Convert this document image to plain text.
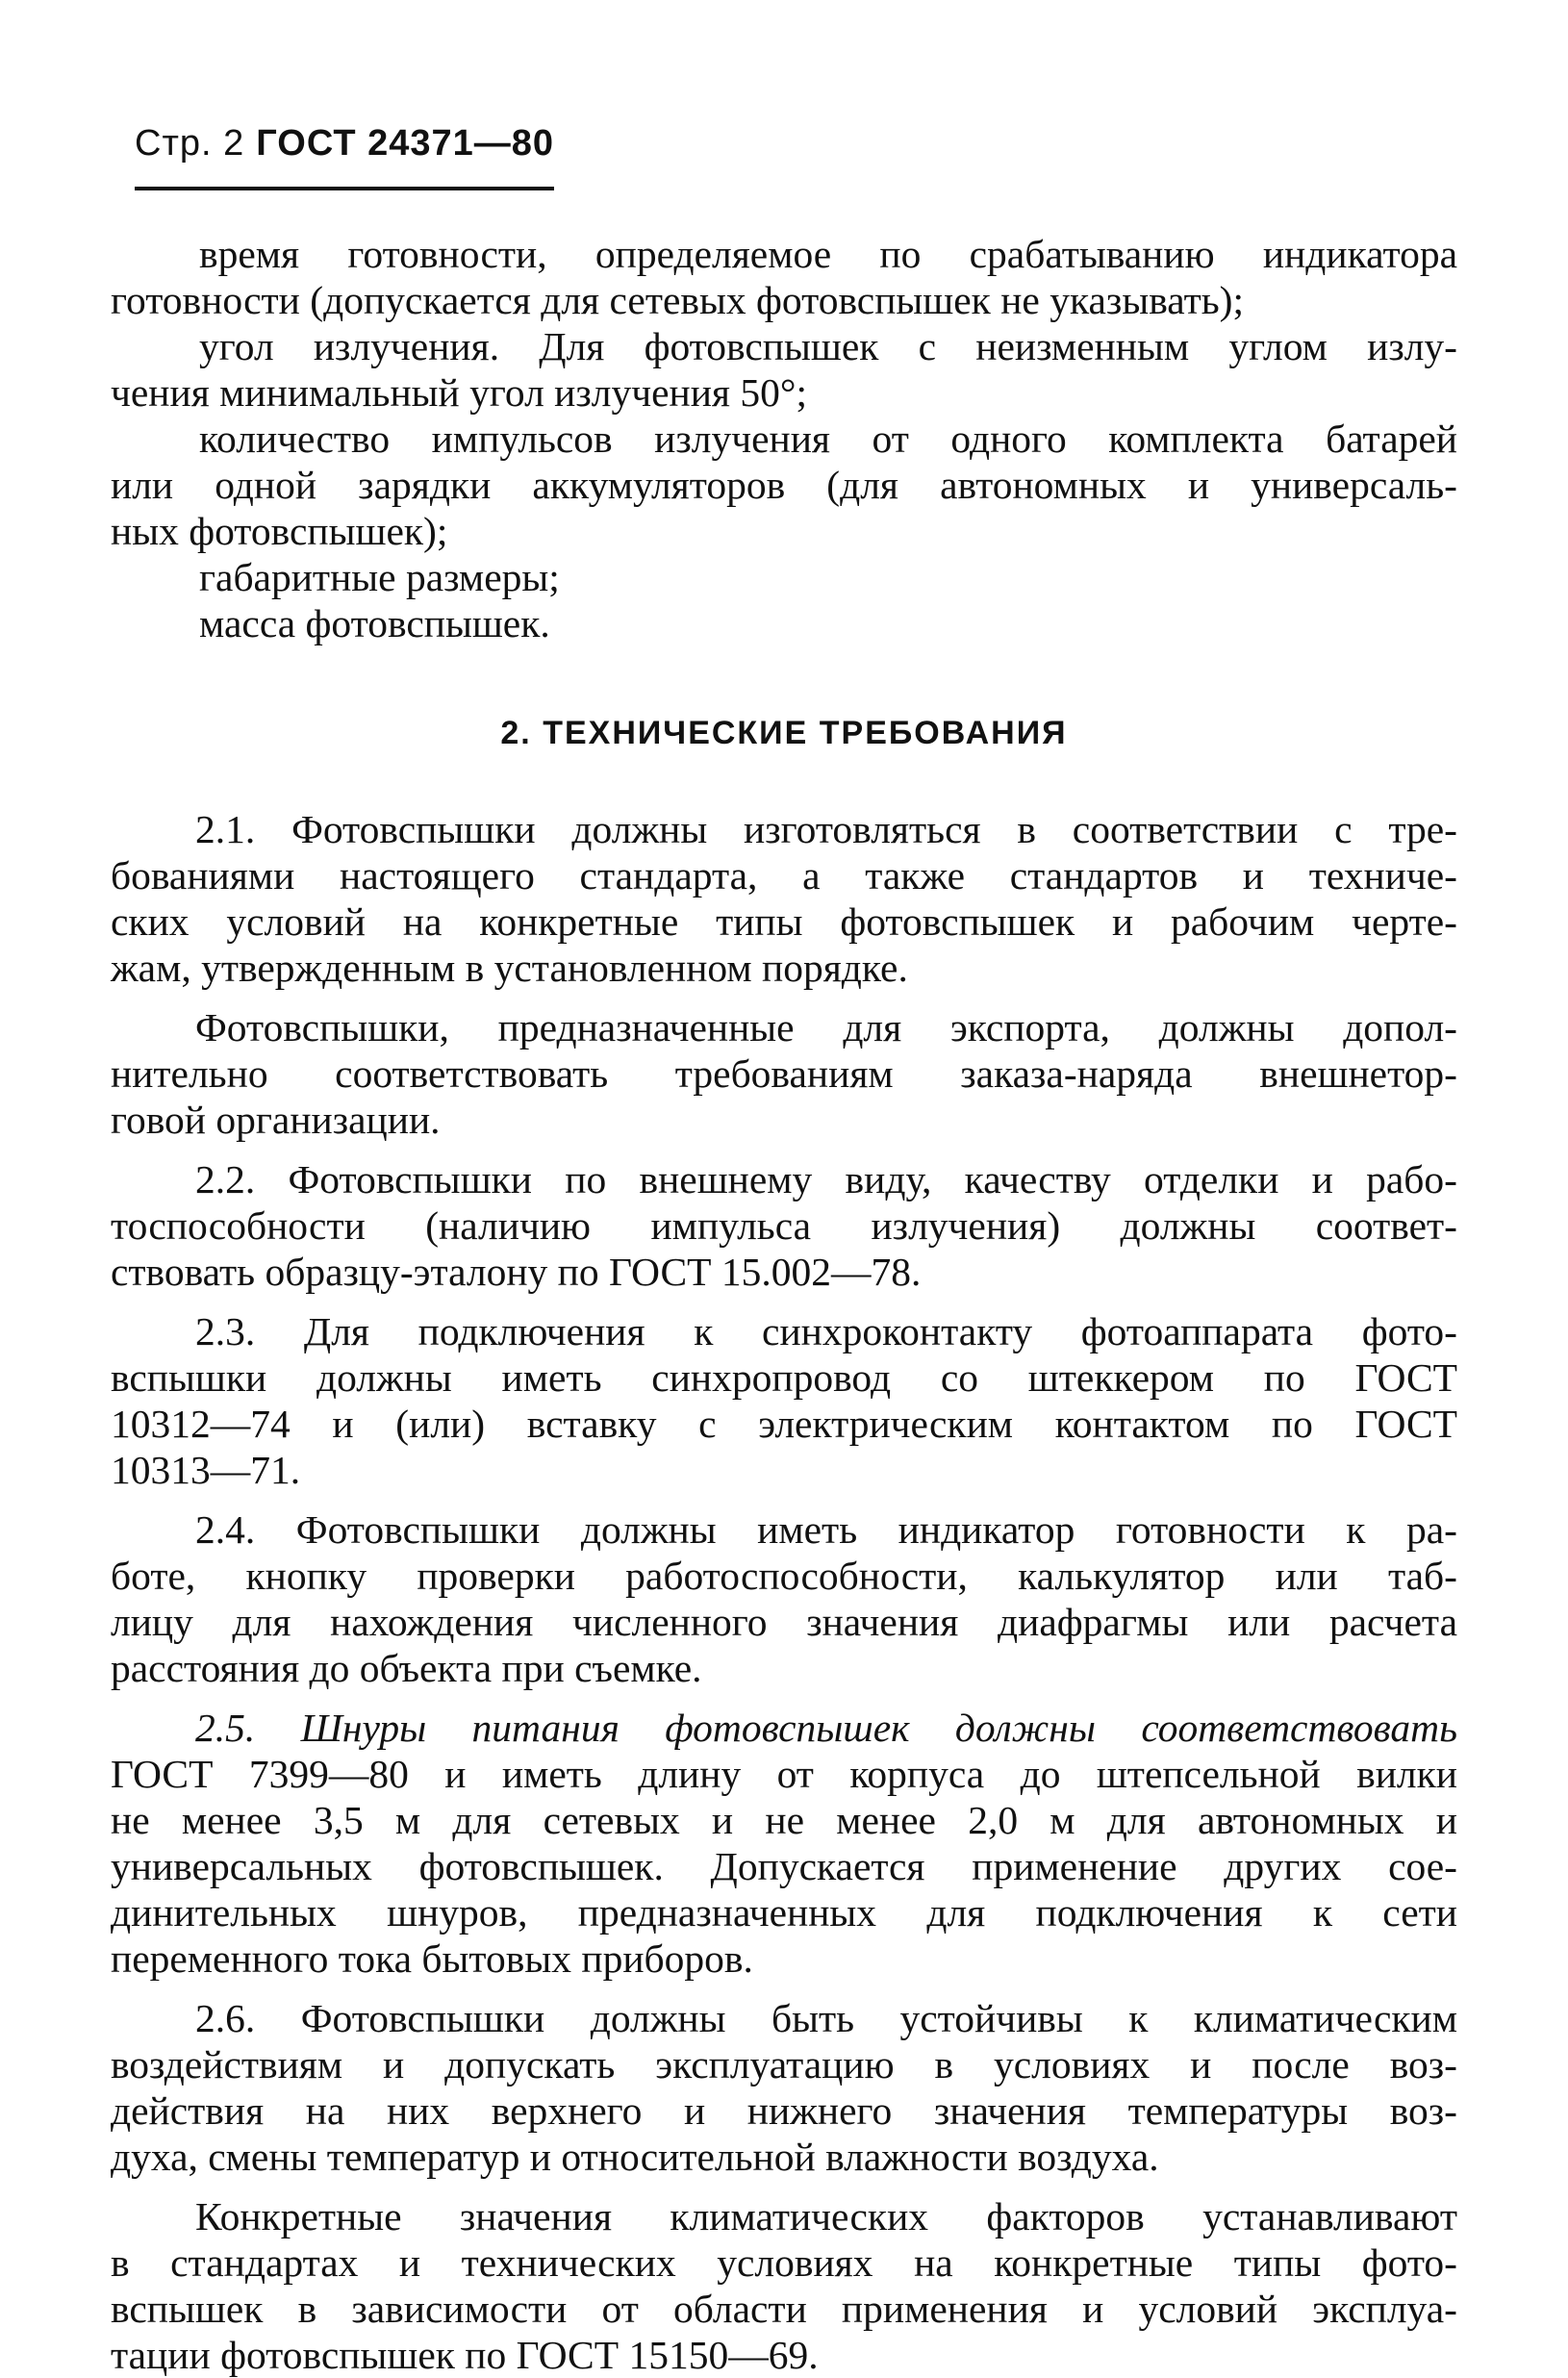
Стр. 2 ГОСТ 24371—80
время готовности, определяемое по срабатыванию индикатора
готовности (допускается для сетевых фотовспышек не указывать);
угол излучения. Для фотовспышек с неизменным углом излу-
чения минимальный угол излучения 50°;
количество импульсов излучения от одного комплекта батарей
или одной зарядки аккумуляторов (для автономных и универсаль-
ных фотовспышек);
габаритные размеры;
масса фотовспышек.
2. ТЕХНИЧЕСКИЕ ТРЕБОВАНИЯ
2.1. Фотовспышки должны изготовляться в соответствии с тре-
бованиями настоящего стандарта, а также стандартов и техниче-
ских условий на конкретные типы фотовспышек и рабочим черте-
жам, утвержденным в установленном порядке.
Фотовспышки, предназначенные для экспорта, должны допол-
нительно соответствовать требованиям заказа-наряда внешнетор-
говой организации.
2.2. Фотовспышки по внешнему виду, качеству отделки и рабо-
тоспособности (наличию импульса излучения) должны соответ-
ствовать образцу-эталону по ГОСТ 15.002—78.
2.3. Для подключения к синхроконтакту фотоаппарата фото-
вспышки должны иметь синхропровод со штеккером по ГОСТ
10312—74 и (или) вставку с электрическим контактом по ГОСТ
10313—71.
2.4. Фотовспышки должны иметь индикатор готовности к ра-
боте, кнопку проверки работоспособности, калькулятор или таб-
лицу для нахождения численного значения диафрагмы или расчета
расстояния до объекта при съемке.
2.5. Шнуры питания фотовспышек должны соответствовать
ГОСТ 7399—80 и иметь длину от корпуса до штепсельной вилки
не менее 3,5 м для сетевых и не менее 2,0 м для автономных и
универсальных фотовспышек. Допускается применение других сое-
динительных шнуров, предназначенных для подключения к сети
переменного тока бытовых приборов.
2.6. Фотовспышки должны быть устойчивы к климатическим
воздействиям и допускать эксплуатацию в условиях и после воз-
действия на них верхнего и нижнего значения температуры воз-
духа, смены температур и относительной влажности воздуха.
Конкретные значения климатических факторов устанавливают
в стандартах и технических условиях на конкретные типы фото-
вспышек в зависимости от области применения и условий эксплуа-
тации фотовспышек по ГОСТ 15150—69.
